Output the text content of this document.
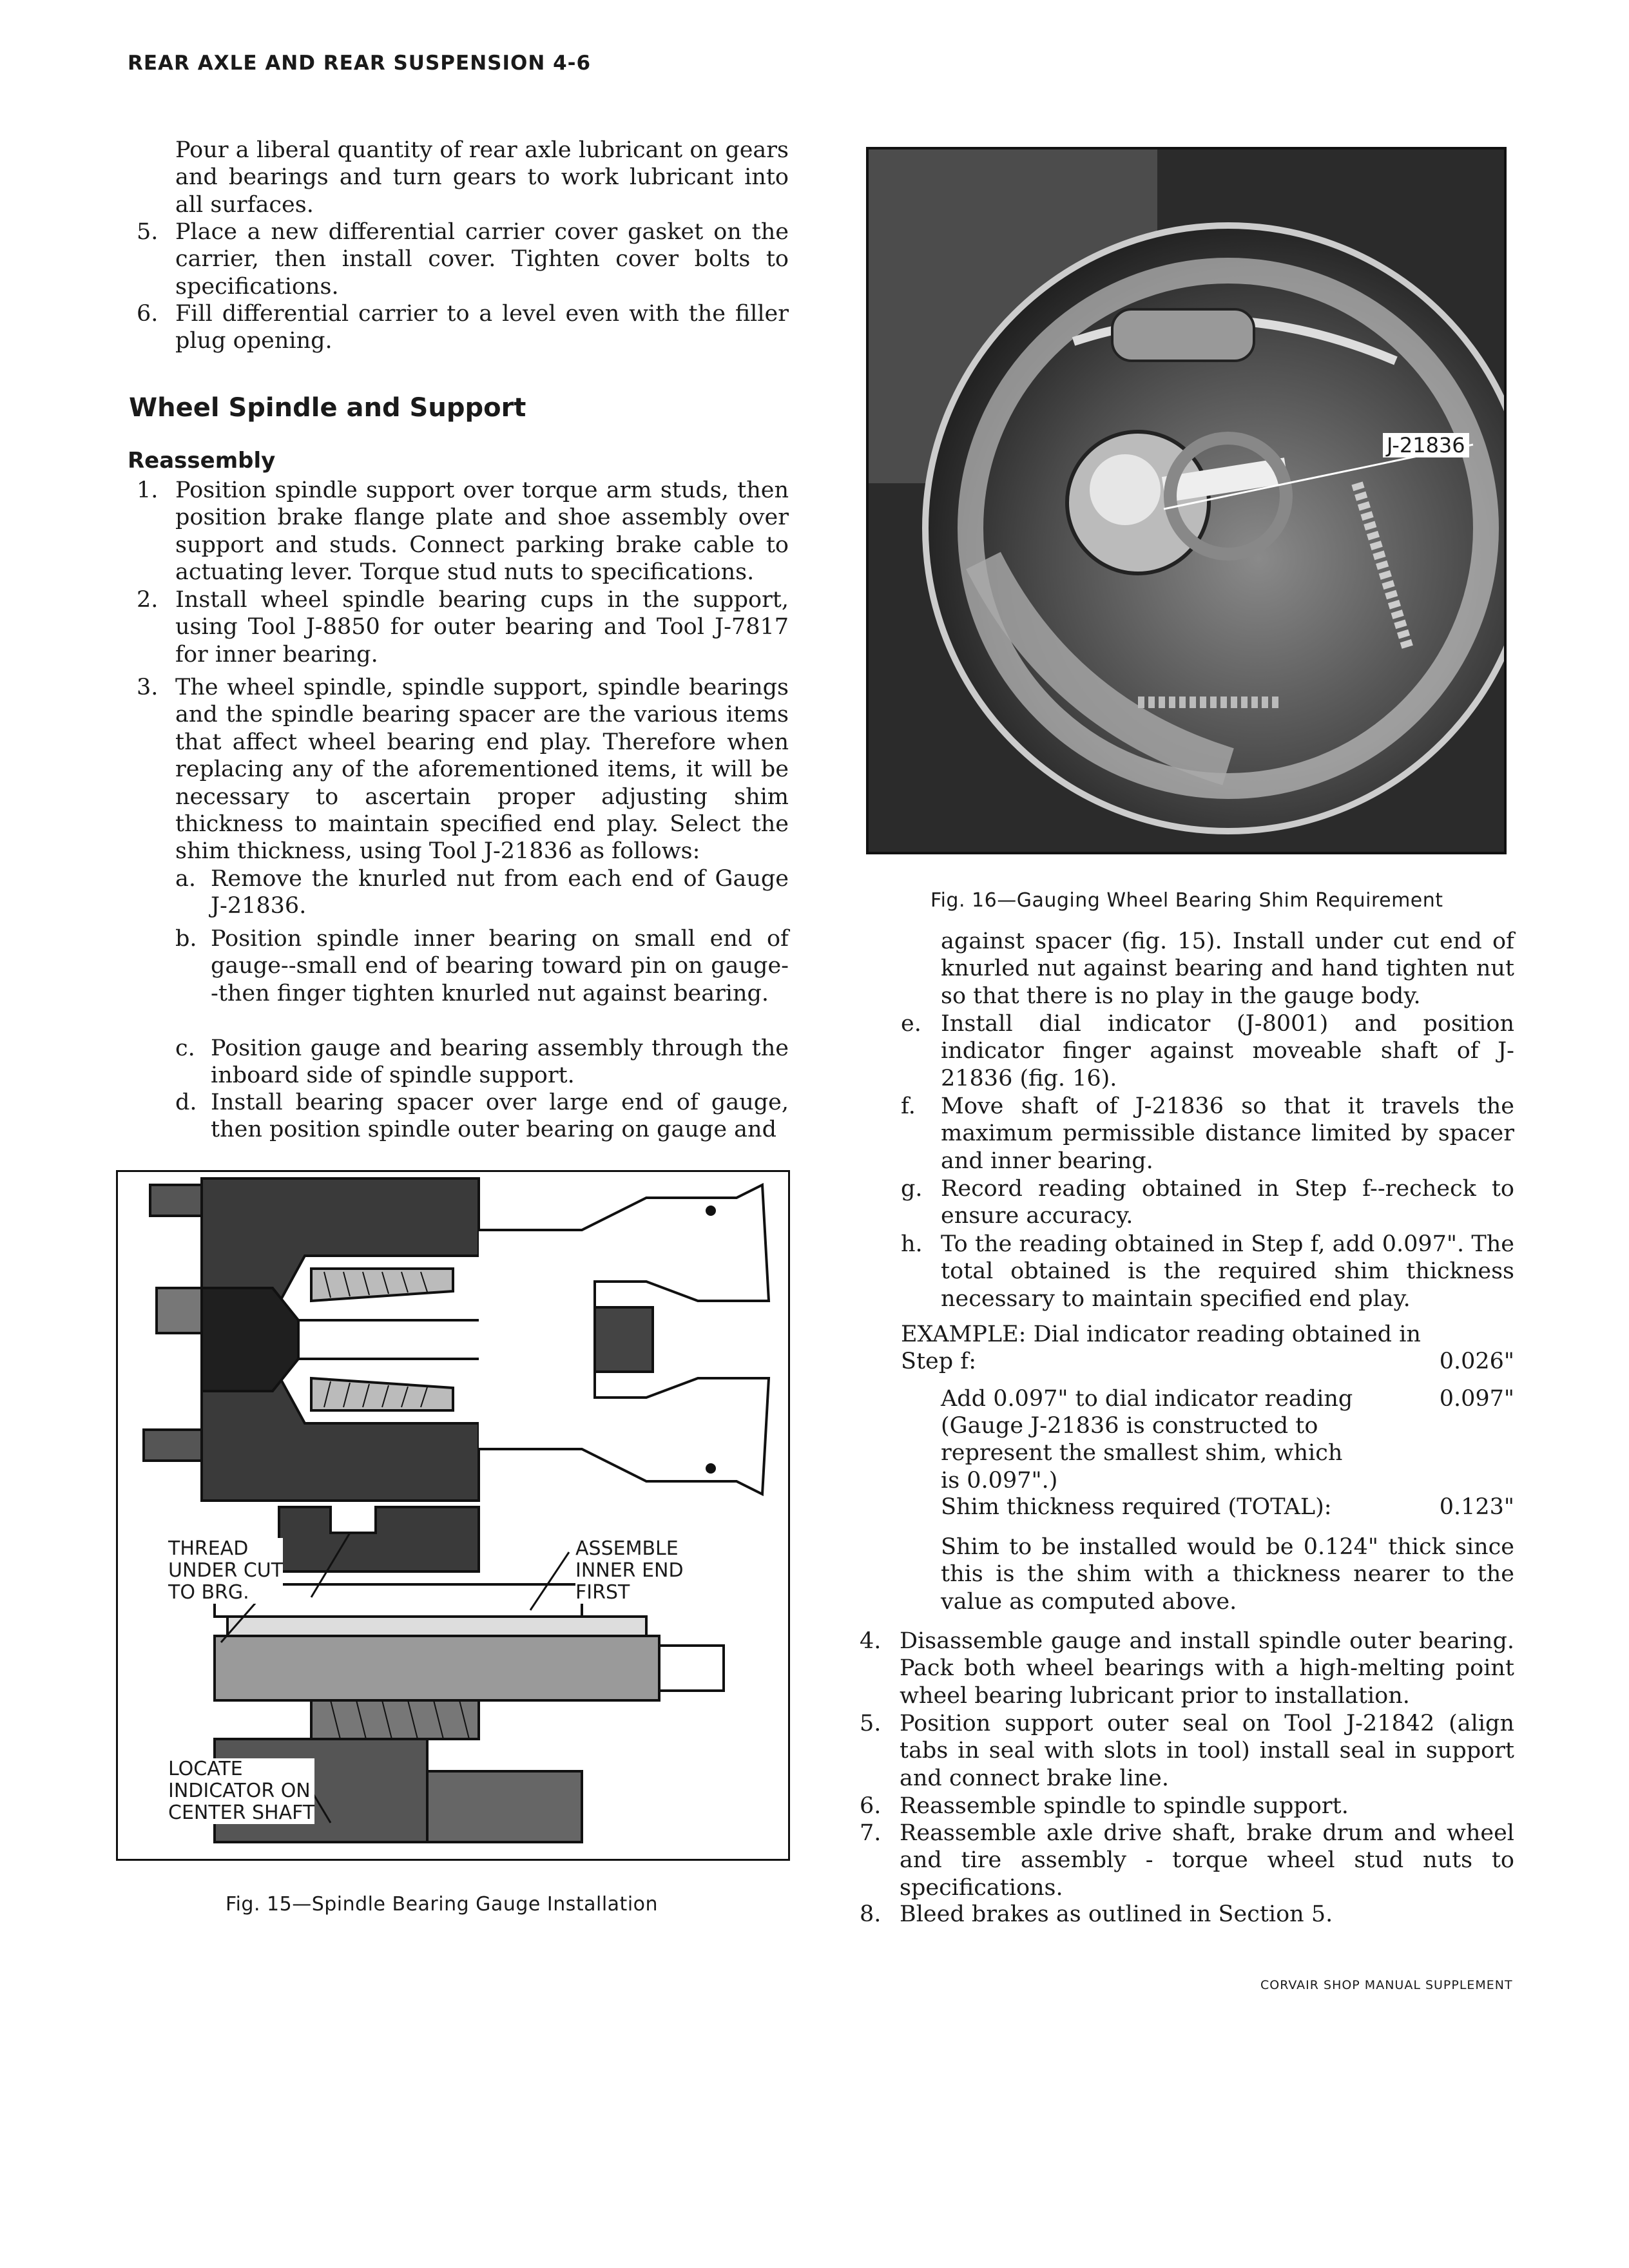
REAR AXLE AND REAR SUSPENSION 4-6
Pour a liberal quantity of rear axle lubricant on gears and bearings and turn gears to work lubricant into all surfaces.
5. Place a new differential carrier cover gasket on the carrier, then install cover. Tighten cover bolts to specifications.
6. Fill differential carrier to a level even with the filler plug opening.
Wheel Spindle and Support
Reassembly
1. Position spindle support over torque arm studs, then position brake flange plate and shoe assembly over support and studs. Connect parking brake cable to actuating lever. Torque stud nuts to specifications.
2. Install wheel spindle bearing cups in the support, using Tool J-8850 for outer bearing and Tool J-7817 for inner bearing.
3. The wheel spindle, spindle support, spindle bearings and the spindle bearing spacer are the various items that affect wheel bearing end play. Therefore when replacing any of the aforementioned items, it will be necessary to ascertain proper adjusting shim thickness to maintain specified end play. Select the shim thickness, using Tool J-21836 as follows:
a. Remove the knurled nut from each end of Gauge J-21836.
b. Position spindle inner bearing on small end of gauge--small end of bearing toward pin on gauge--then finger tighten knurled nut against bearing.
c. Position gauge and bearing assembly through the inboard side of spindle support.
d. Install bearing spacer over large end of gauge, then position spindle outer bearing on gauge and
THREAD
UNDER CUT
TO BRG.
ASSEMBLE
INNER END
FIRST
LOCATE
INDICATOR ON
CENTER SHAFT
Fig. 15—Spindle Bearing Gauge Installation
J-21836
Fig. 16—Gauging Wheel Bearing Shim Requirement
against spacer (fig. 15). Install under cut end of knurled nut against bearing and hand tighten nut so that there is no play in the gauge body.
e. Install dial indicator (J-8001) and position indicator finger against moveable shaft of J-21836 (fig. 16).
f. Move shaft of J-21836 so that it travels the maximum permissible distance limited by spacer and inner bearing.
g. Record reading obtained in Step f--recheck to ensure accuracy.
h. To the reading obtained in Step f, add 0.097". The total obtained is the required shim thickness necessary to maintain specified end play.
EXAMPLE: Dial indicator reading obtained in
Step f:	0.026"
Add 0.097" to dial indicator reading	0.097"
(Gauge J-21836 is constructed to represent the smallest shim, which is 0.097".)
Shim thickness required (TOTAL):	0.123"
Shim to be installed would be 0.124" thick since this is the shim with a thickness nearer to the value as computed above.
4. Disassemble gauge and install spindle outer bearing. Pack both wheel bearings with a high-melting point wheel bearing lubricant prior to installation.
5. Position support outer seal on Tool J-21842 (align tabs in seal with slots in tool) install seal in support and connect brake line.
6. Reassemble spindle to spindle support.
7. Reassemble axle drive shaft, brake drum and wheel and tire assembly - torque wheel stud nuts to specifications.
8. Bleed brakes as outlined in Section 5.
CORVAIR SHOP MANUAL SUPPLEMENT
